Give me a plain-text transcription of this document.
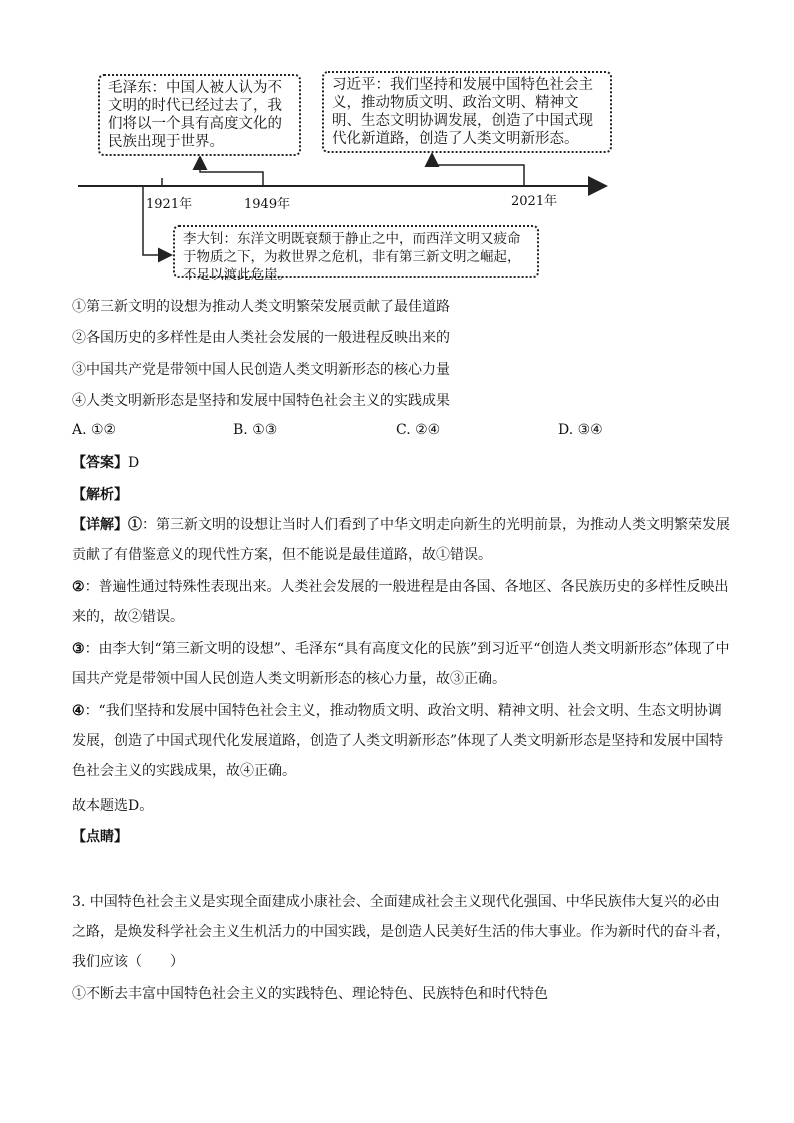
毛泽东：中国人被人认为不文明的时代已经过去了，我们将以一个具有高度文化的民族出现于世界。
习近平：我们坚持和发展中国特色社会主义，推动物质文明、政治文明、精神文明、生态文明协调发展，创造了中国式现代化新道路，创造了人类文明新形态。
李大钊：东洋文明既衰颓于静止之中，而西洋文明又疲命于物质之下，为救世界之危机，非有第三新文明之崛起，不足以渡此危崖。
1921年	1949年	2021年
①第三新文明的设想为推动人类文明繁荣发展贡献了最佳道路
②各国历史的多样性是由人类社会发展的一般进程反映出来的
③中国共产党是带领中国人民创造人类文明新形态的核心力量
④人类文明新形态是坚持和发展中国特色社会主义的实践成果
A. ①②	B. ①③	C. ②④	D. ③④
【答案】D
【解析】
【详解】①：第三新文明的设想让当时人们看到了中华文明走向新生的光明前景，为推动人类文明繁荣发展贡献了有借鉴意义的现代性方案，但不能说是最佳道路，故①错误。
②：普遍性通过特殊性表现出来。人类社会发展的一般进程是由各国、各地区、各民族历史的多样性反映出来的，故②错误。
③：由李大钊“第三新文明的设想”、毛泽东“具有高度文化的民族”到习近平“创造人类文明新形态”体现了中国共产党是带领中国人民创造人类文明新形态的核心力量，故③正确。
④：“我们坚持和发展中国特色社会主义，推动物质文明、政治文明、精神文明、社会文明、生态文明协调发展，创造了中国式现代化发展道路，创造了人类文明新形态”体现了人类文明新形态是坚持和发展中国特色社会主义的实践成果，故④正确。
故本题选D。
【点睛】
3. 中国特色社会主义是实现全面建成小康社会、全面建成社会主义现代化强国、中华民族伟大复兴的必由之路，是焕发科学社会主义生机活力的中国实践，是创造人民美好生活的伟大事业。作为新时代的奋斗者，我们应该（　　）
①不断去丰富中国特色社会主义的实践特色、理论特色、民族特色和时代特色
